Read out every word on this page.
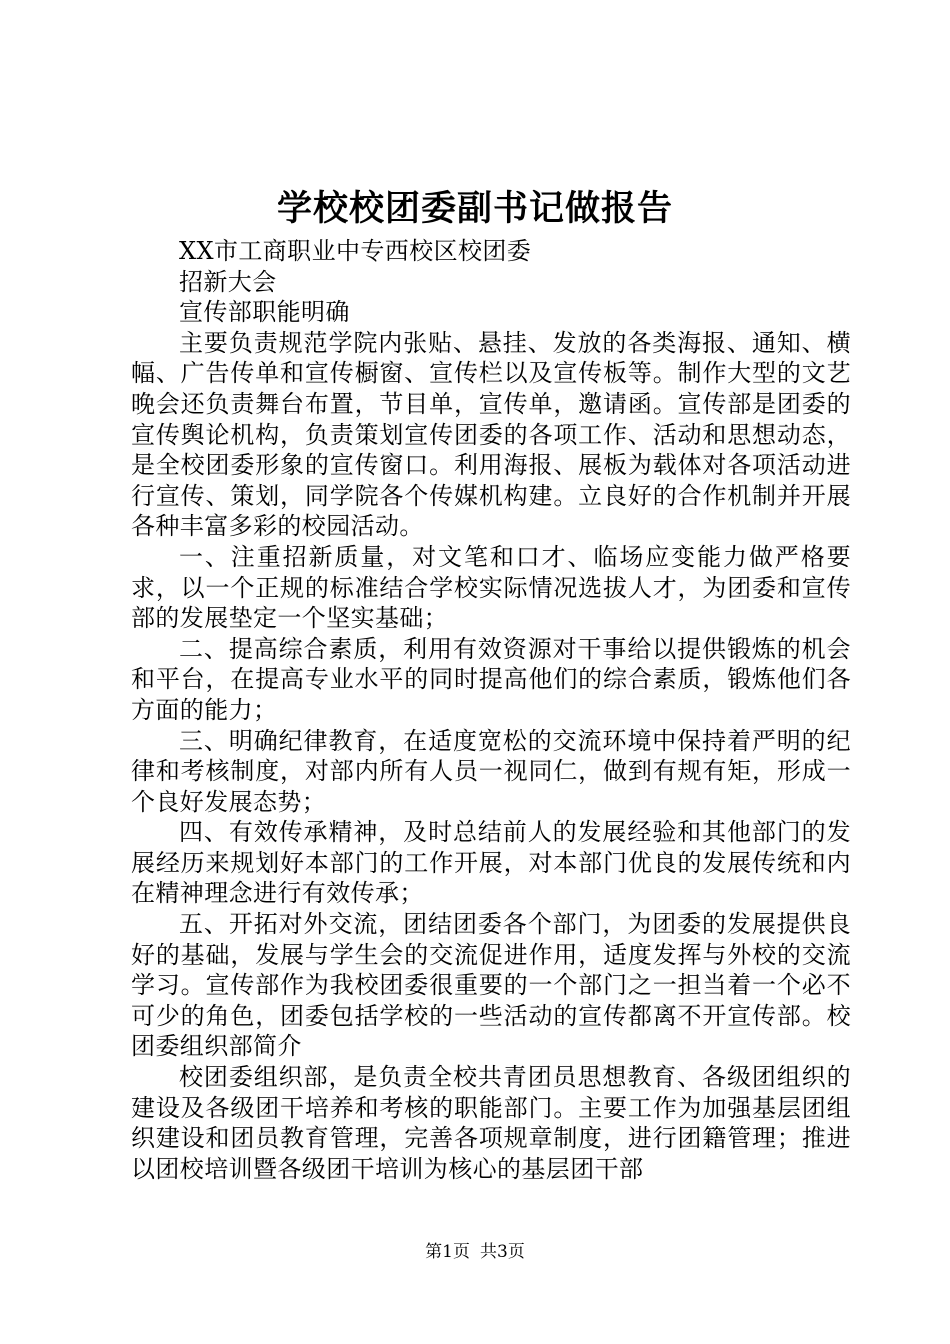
学校校团委副书记做报告

XX市工商职业中专西校区校团委

招新大会

宣传部职能明确

主要负责规范学院内张贴、悬挂、发放的各类海报、通知、横幅、广告传单和宣传橱窗、宣传栏以及宣传板等。制作大型的文艺晚会还负责舞台布置，节目单，宣传单，邀请函。宣传部是团委的宣传舆论机构，负责策划宣传团委的各项工作、活动和思想动态，是全校团委形象的宣传窗口。利用海报、展板为载体对各项活动进行宣传、策划，同学院各个传媒机构建。立良好的合作机制并开展各种丰富多彩的校园活动。

一、注重招新质量，对文笔和口才、临场应变能力做严格要求，以一个正规的标准结合学校实际情况选拔人才，为团委和宣传部的发展垫定一个坚实基础；

二、提高综合素质，利用有效资源对干事给以提供锻炼的机会和平台，在提高专业水平的同时提高他们的综合素质，锻炼他们各方面的能力；

三、明确纪律教育，在适度宽松的交流环境中保持着严明的纪律和考核制度，对部内所有人员一视同仁，做到有规有矩，形成一个良好发展态势；

四、有效传承精神，及时总结前人的发展经验和其他部门的发展经历来规划好本部门的工作开展，对本部门优良的发展传统和内在精神理念进行有效传承；

五、开拓对外交流，团结团委各个部门，为团委的发展提供良好的基础，发展与学生会的交流促进作用，适度发挥与外校的交流学习。宣传部作为我校团委很重要的一个部门之一担当着一个必不可少的角色，团委包括学校的一些活动的宣传都离不开宣传部。校团委组织部简介

校团委组织部，是负责全校共青团员思想教育、各级团组织的建设及各级团干培养和考核的职能部门。主要工作为加强基层团组织建设和团员教育管理，完善各项规章制度，进行团籍管理；推进以团校培训暨各级团干培训为核心的基层团干部

第1页 共3页
